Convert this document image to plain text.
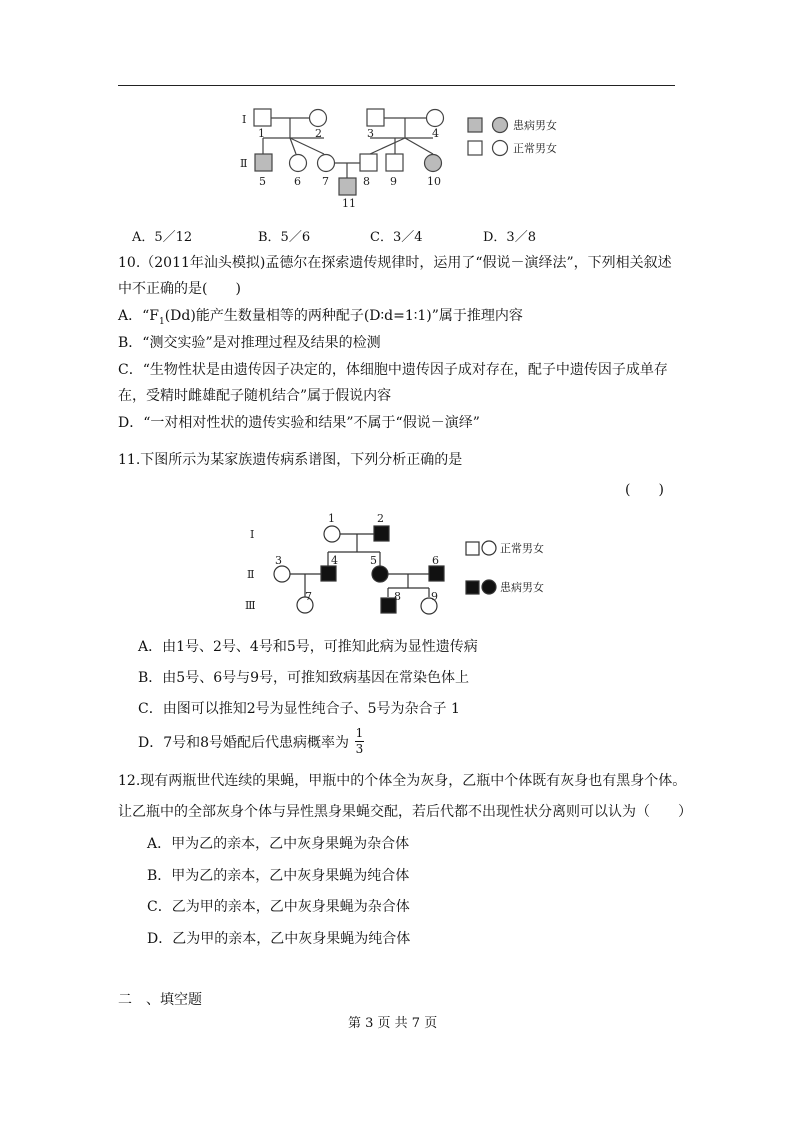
Ⅰ
Ⅱ
1	2	3	4
5	6 7	8 9	10
11
患病男女
正常男女
A．5／12	B．5／6	C．3／4	D．3／8
10.（2011年汕头模拟)孟德尔在探索遗传规律时，运用了“假说－演绎法”，下列相关叙述
中不正确的是(　　)
A．“$F_1(Dd)$能产生数量相等的两种配子(D∶d=1∶1)”属于推理内容
B．“测交实验”是对推理过程及结果的检测
C．“生物性状是由遗传因子决定的，体细胞中遗传因子成对存在，配子中遗传因子成单存
在，受精时雌雄配子随机结合”属于假说内容
D．“一对相对性状的遗传实验和结果”不属于“假说－演绎”
11.下图所示为某家族遗传病系谱图，下列分析正确的是
(　　)
Ⅰ
Ⅱ
Ⅲ
1	2
3	4	5	6
7	8	9
正常男女
患病男女
A．由1号、2号、4号和5号，可推知此病为显性遗传病
B．由5号、6号与9号，可推知致病基因在常染色体上
C．由图可以推知2号为显性纯合子、5号为杂合子 1
D．7号和8号婚配后代患病概率为
1
3
12.现有两瓶世代连续的果蝇，甲瓶中的个体全为灰身，乙瓶中个体既有灰身也有黑身个体。
让乙瓶中的全部灰身个体与异性黑身果蝇交配，若后代都不出现性状分离则可以认为（　　）
A．甲为乙的亲本，乙中灰身果蝇为杂合体
B．甲为乙的亲本，乙中灰身果蝇为纯合体
C．乙为甲的亲本，乙中灰身果蝇为杂合体
D．乙为甲的亲本，乙中灰身果蝇为纯合体
二　、填空题
第 3 页 共 7 页
